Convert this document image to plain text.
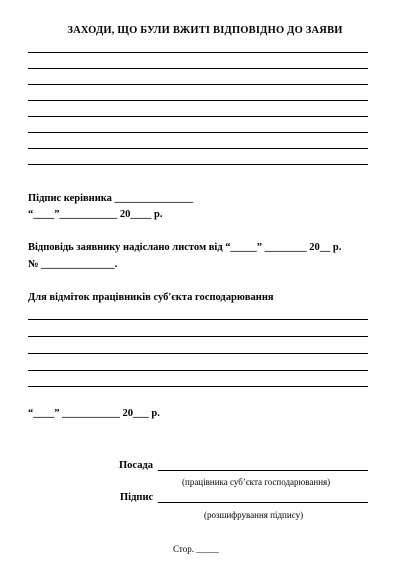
ЗАХОДИ, ЩО БУЛИ ВЖИТІ ВІДПОВІДНО ДО ЗАЯВИ
Підпис керівника _______________
“____”___________ 20____ р.
Відповідь заявнику надіслано листом від “_____” ________ 20__ р.
№ ______________.
Для відміток працівників суб'єкта господарювання
“____” ___________ 20___ р.
Посада
(працівника суб’єкта господарювання)
Підпис
(розшифрування підпису)
Стор. _____
